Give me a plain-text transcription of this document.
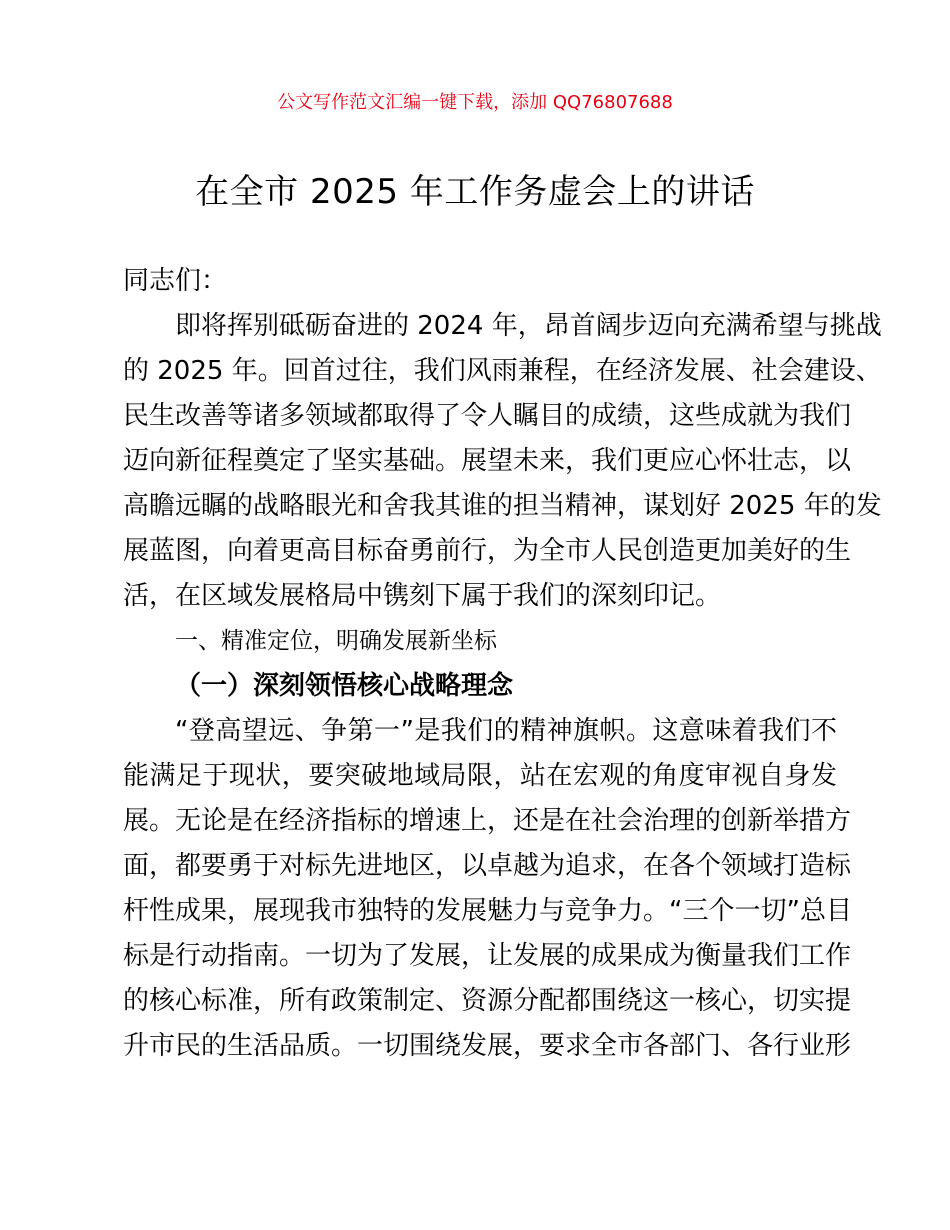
公文写作范文汇编一键下载，添加 QQ76807688
在全市 2025 年工作务虚会上的讲话
同志们：
即将挥别砥砺奋进的 2024 年，昂首阔步迈向充满希望与挑战
的 2025 年。回首过往，我们风雨兼程，在经济发展、社会建设、
民生改善等诸多领域都取得了令人瞩目的成绩，这些成就为我们
迈向新征程奠定了坚实基础。展望未来，我们更应心怀壮志，以
高瞻远瞩的战略眼光和舍我其谁的担当精神，谋划好 2025 年的发
展蓝图，向着更高目标奋勇前行，为全市人民创造更加美好的生
活，在区域发展格局中镌刻下属于我们的深刻印记。
一、精准定位，明确发展新坐标
（一）深刻领悟核心战略理念
“登高望远、争第一”是我们的精神旗帜。这意味着我们不
能满足于现状，要突破地域局限，站在宏观的角度审视自身发
展。无论是在经济指标的增速上，还是在社会治理的创新举措方
面，都要勇于对标先进地区，以卓越为追求，在各个领域打造标
杆性成果，展现我市独特的发展魅力与竞争力。“三个一切”总目
标是行动指南。一切为了发展，让发展的成果成为衡量我们工作
的核心标准，所有政策制定、资源分配都围绕这一核心，切实提
升市民的生活品质。一切围绕发展，要求全市各部门、各行业形
